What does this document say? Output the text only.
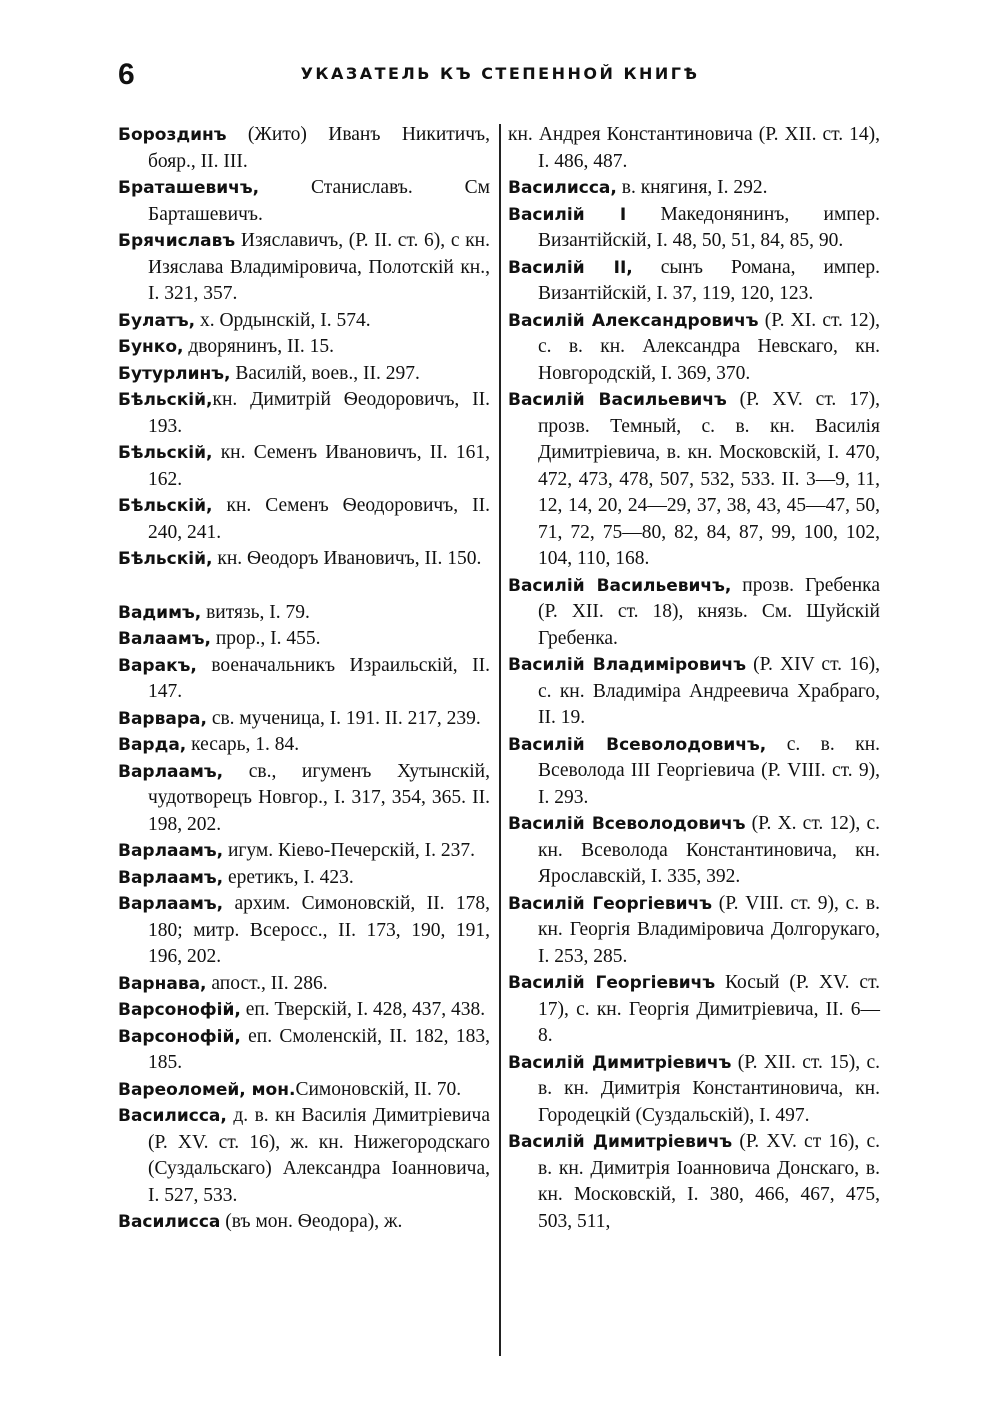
6	УКАЗАТЕЛЬ КЪ СТЕПЕННОЙ КНИГѢ

Бороздинъ (Жито) Иванъ Никитичъ, бояр., II. III.

Браташевичъ, Станиславъ. См Барташевичъ.

Брячиславъ Изяславичъ, (Р. II. ст. 6), с кн. Изяслава Владиміровича, Полотскій кн., I. 321, 357.

Булатъ, х. Ордынскій, I. 574.

Бунко, дворянинъ, II. 15.

Бутурлинъ, Василій, воев., II. 297.

Бѣльскій,кн. Димитрій Ѳеодоровичъ, II. 193.

Бѣльскій, кн. Семенъ Ивановичъ, II. 161, 162.

Бѣльскій, кн. Семенъ Ѳеодоровичъ, II. 240, 241.

Бѣльскій, кн. Ѳеодоръ Ивановичъ, II. 150.

Вадимъ, витязь, I. 79.

Валаамъ, прор., I. 455.

Варакъ, военачальникъ Израильскій, II. 147.

Варвара, св. мученица, I. 191. II. 217, 239.

Варда, кесарь, 1. 84.

Варлаамъ, св., игуменъ Хутынскій, чудотворецъ Новгор., I. 317, 354, 365. II. 198, 202.

Варлаамъ, игум. Кіево-Печерскій, I. 237.

Варлаамъ, еретикъ, I. 423.

Варлаамъ, архим. Симоновскій, II. 178, 180; митр. Всеросс., II. 173, 190, 191, 196, 202.

Варнава, апост., II. 286.

Варсонофій, еп. Тверскій, I. 428, 437, 438.

Варсонофій, еп. Смоленскій, II. 182, 183, 185.

Вареоломей, мон.Симоновскій, II. 70.

Василисса, д. в. кн Василія Димитріевича (Р. XV. ст. 16), ж. кн. Нижегородскаго (Суздальскаго) Александра Іоанновича, I. 527, 533.

Василисса (въ мон. Ѳеодора), ж.

кн. Андрея Константиновича (Р. XII. ст. 14), I. 486, 487.

Василисса, в. княгиня, I. 292.

Василій I Македонянинъ, импер. Византійскій, I. 48, 50, 51, 84, 85, 90.

Василій II, сынъ Романа, импер. Византійскій, I. 37, 119, 120, 123.

Василій Александровичъ (Р. XI. ст. 12), с. в. кн. Александра Невскаго, кн. Новгородскій, I. 369, 370.

Василій Васильевичъ (Р. XV. ст. 17), прозв. Темный, с. в. кн. Василія Димитріевича, в. кн. Московскій, I. 470, 472, 473, 478, 507, 532, 533. II. 3—9, 11, 12, 14, 20, 24—29, 37, 38, 43, 45—47, 50, 71, 72, 75—80, 82, 84, 87, 99, 100, 102, 104, 110, 168.

Василій Васильевичъ, прозв. Гребенка (Р. XII. ст. 18), князь. См. Шуйскій Гребенка.

Василій Владиміровичъ (Р. XIV ст. 16), с. кн. Владиміра Андреевича Храбраго, II. 19.

Василій Всеволодовичъ, с. в. кн. Всеволода III Георгіевича (Р. VIII. ст. 9), I. 293.

Василій Всеволодовичъ (Р. X. ст. 12), с. кн. Всеволода Константиновича, кн. Ярославскій, I. 335, 392.

Василій Георгіевичъ (Р. VIII. ст. 9), с. в. кн. Георгія Владиміровича Долгорукаго, I. 253, 285.

Василій Георгіевичъ Косый (Р. XV. ст. 17), с. кн. Георгія Димитріевича, II. 6—8.

Василій Димитріевичъ (Р. XII. ст. 15), с. в. кн. Димитрія Константиновича, кн. Городецкій (Суздальскій), I. 497.

Василій Димитріевичъ (Р. XV. ст 16), с. в. кн. Димитрія Іоанновича Донскаго, в. кн. Московскій, I. 380, 466, 467, 475, 503, 511,
